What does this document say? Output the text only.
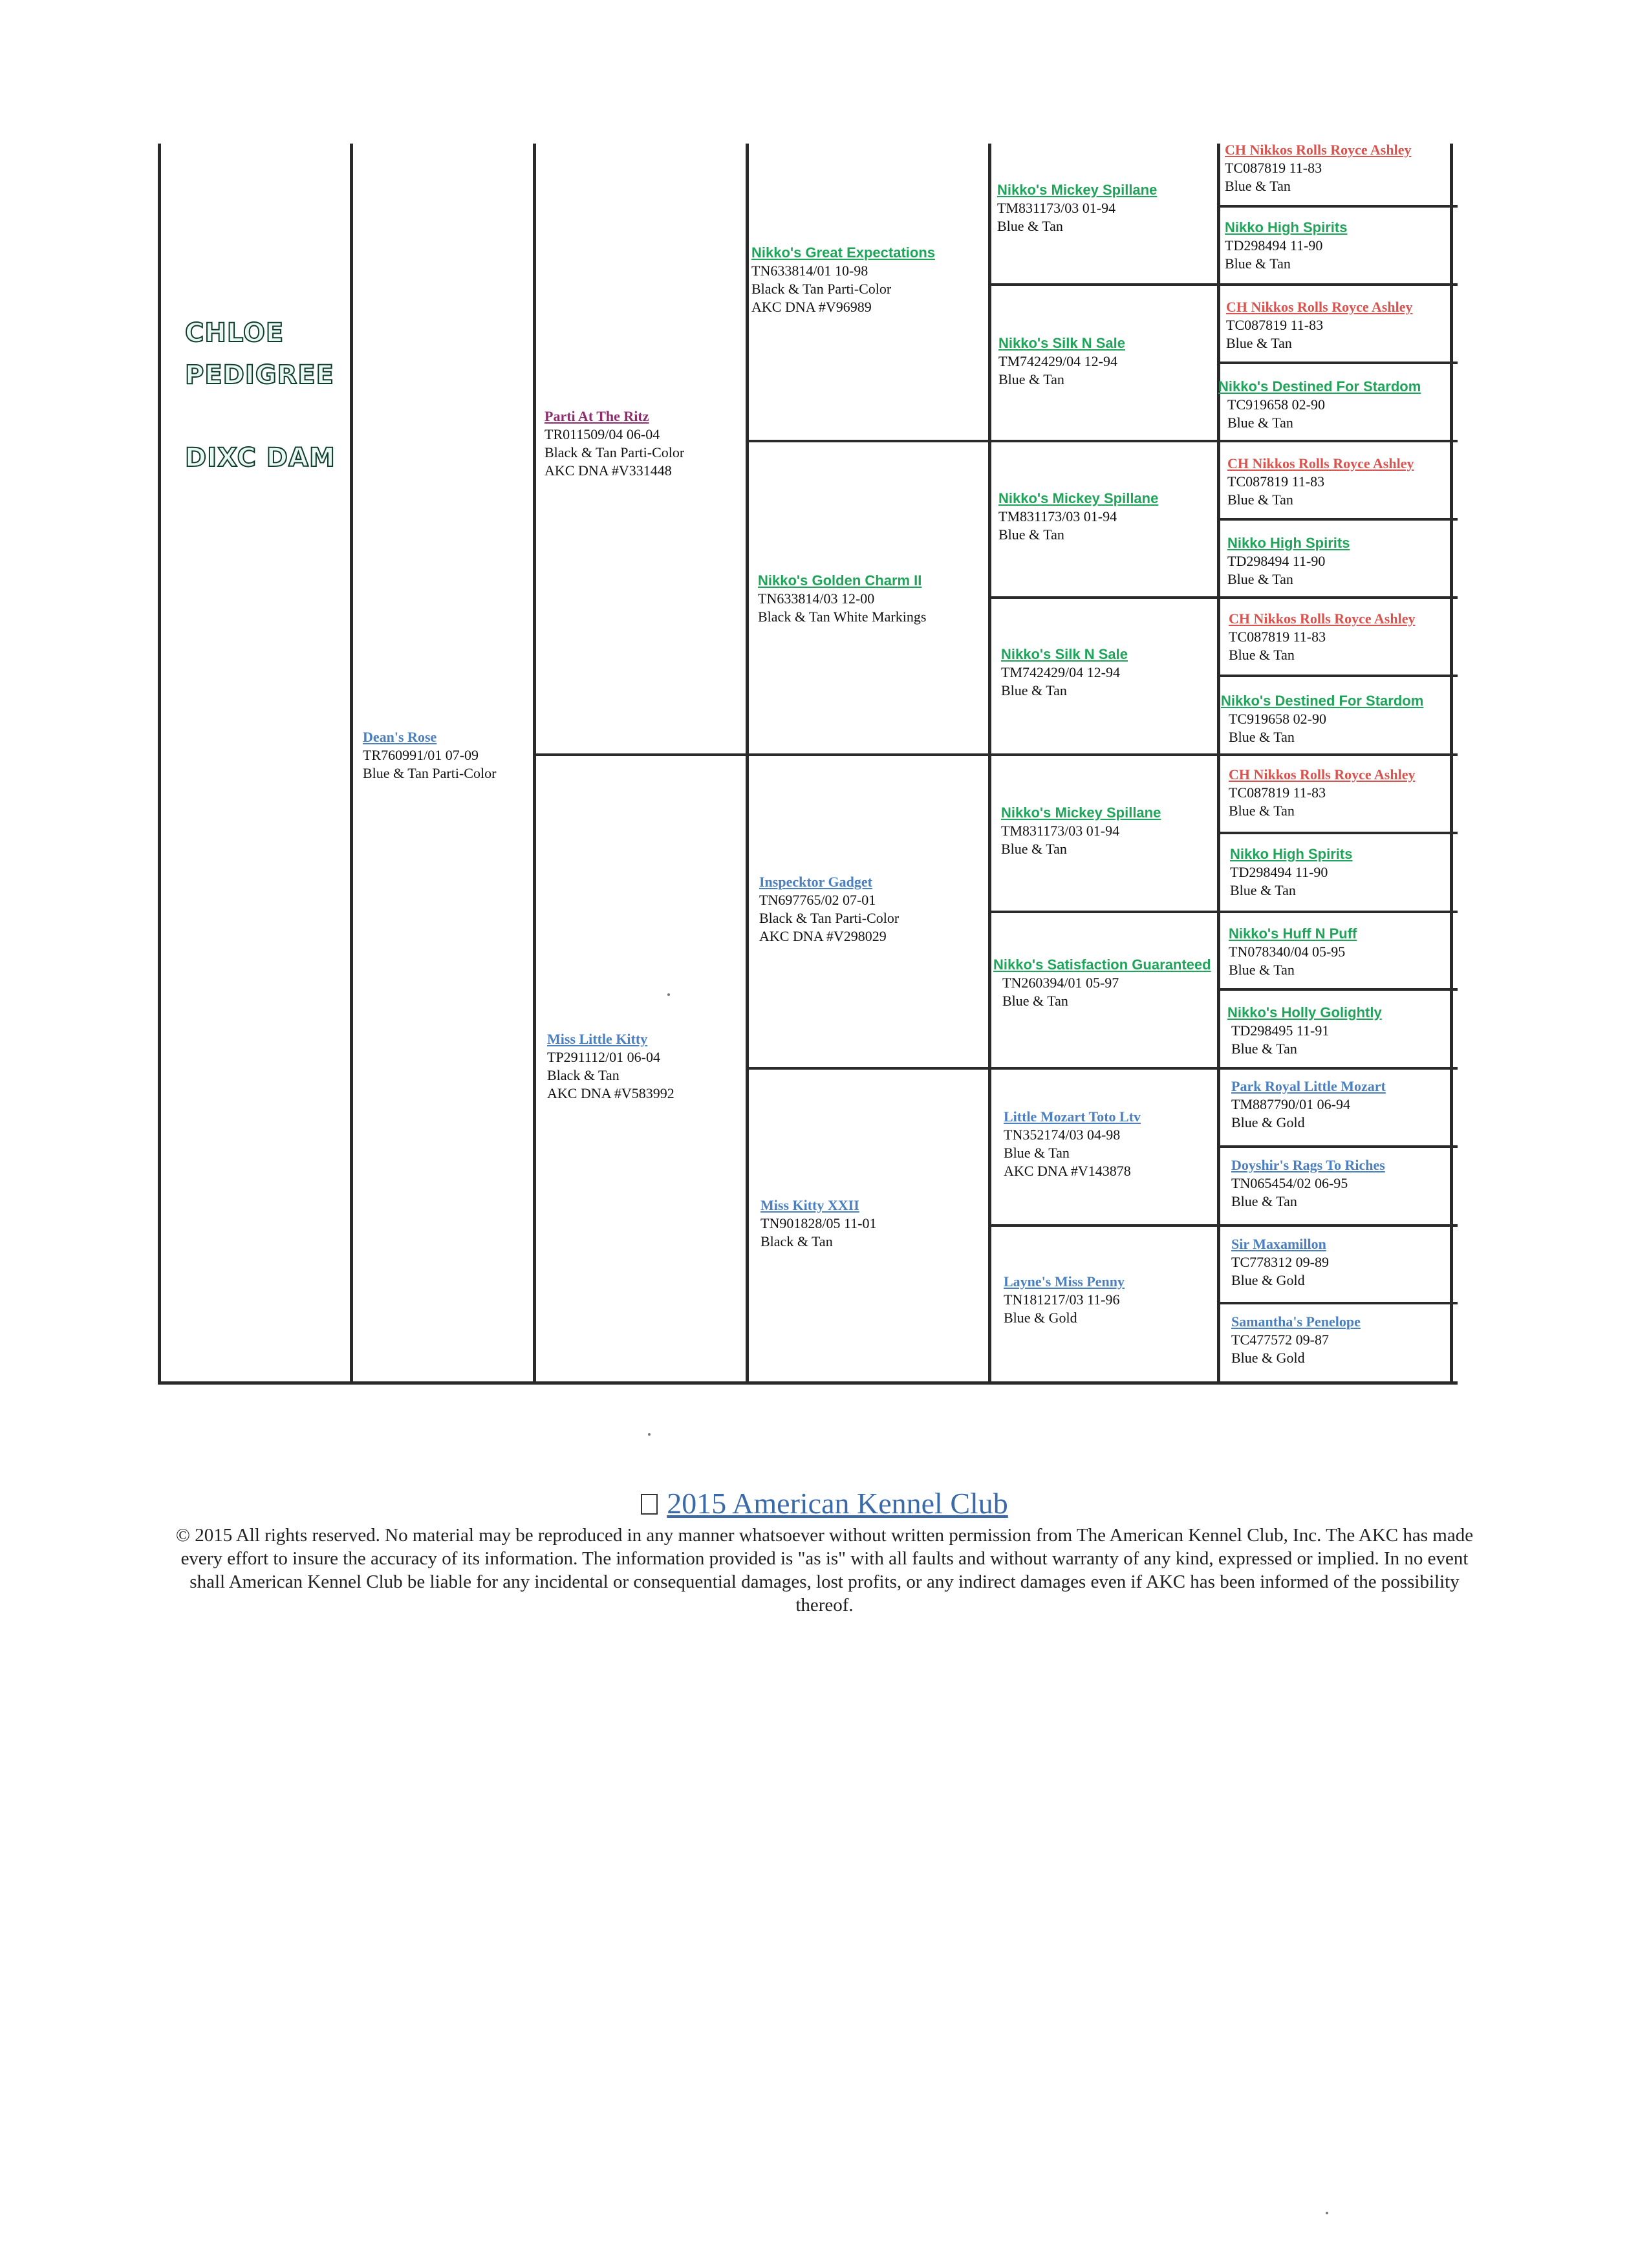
CHLOE
PEDIGREE
DIXC DAM
Dean's Rose
TR760991/01 07-09
Blue & Tan Parti-Color
Parti At The Ritz
TR011509/04 06-04
Black & Tan Parti-Color
AKC DNA #V331448
Miss Little Kitty
TP291112/01 06-04
Black & Tan
AKC DNA #V583992
Nikko's Great Expectations
TN633814/01 10-98
Black & Tan Parti-Color
AKC DNA #V96989
Nikko's Golden Charm II
TN633814/03 12-00
Black & Tan White Markings
Inspecktor Gadget
TN697765/02 07-01
Black & Tan Parti-Color
AKC DNA #V298029
Miss Kitty XXII
TN901828/05 11-01
Black & Tan
Nikko's Mickey Spillane
TM831173/03 01-94
Blue & Tan
Nikko's Silk N Sale
TM742429/04 12-94
Blue & Tan
Nikko's Mickey Spillane
TM831173/03 01-94
Blue & Tan
Nikko's Silk N Sale
TM742429/04 12-94
Blue & Tan
Nikko's Mickey Spillane
TM831173/03 01-94
Blue & Tan
Nikko's Satisfaction Guaranteed
TN260394/01 05-97
Blue & Tan
Little Mozart Toto Ltv
TN352174/03 04-98
Blue & Tan
AKC DNA #V143878
Layne's Miss Penny
TN181217/03 11-96
Blue & Gold
CH Nikkos Rolls Royce Ashley
TC087819 11-83
Blue & Tan
Nikko High Spirits
TD298494 11-90
Blue & Tan
CH Nikkos Rolls Royce Ashley
TC087819 11-83
Blue & Tan
Nikko's Destined For Stardom
TC919658 02-90
Blue & Tan
CH Nikkos Rolls Royce Ashley
TC087819 11-83
Blue & Tan
Nikko High Spirits
TD298494 11-90
Blue & Tan
CH Nikkos Rolls Royce Ashley
TC087819 11-83
Blue & Tan
Nikko's Destined For Stardom
TC919658 02-90
Blue & Tan
CH Nikkos Rolls Royce Ashley
TC087819 11-83
Blue & Tan
Nikko High Spirits
TD298494 11-90
Blue & Tan
Nikko's Huff N Puff
TN078340/04 05-95
Blue & Tan
Nikko's Holly Golightly
TD298495 11-91
Blue & Tan
Park Royal Little Mozart
TM887790/01 06-94
Blue & Gold
Doyshir's Rags To Riches
TN065454/02 06-95
Blue & Tan
Sir Maxamillon
TC778312 09-89
Blue & Gold
Samantha's Penelope
TC477572 09-87
Blue & Gold
2015 American Kennel Club
© 2015 All rights reserved. No material may be reproduced in any manner whatsoever without written permission from The American Kennel Club, Inc. The AKC has made every effort to insure the accuracy of its information. The information provided is "as is" with all faults and without warranty of any kind, expressed or implied. In no event shall American Kennel Club be liable for any incidental or consequential damages, lost profits, or any indirect damages even if AKC has been informed of the possibility thereof.
